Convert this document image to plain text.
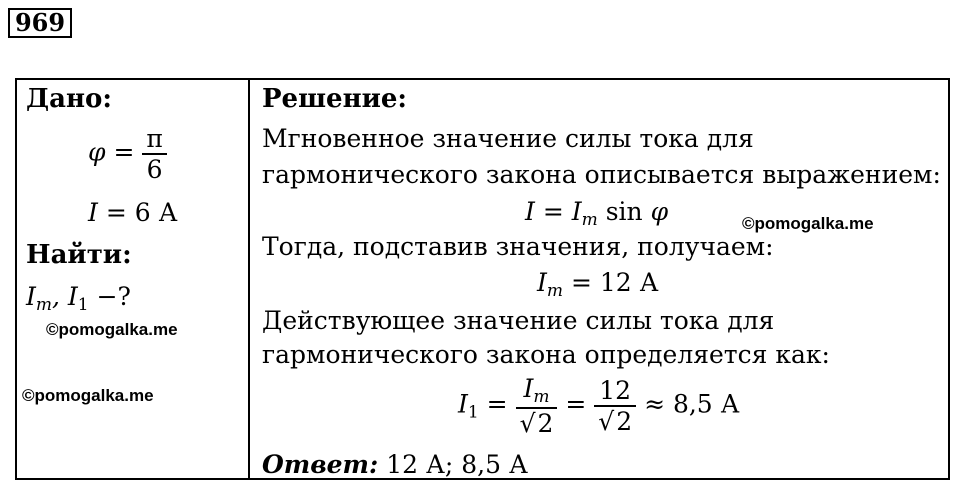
969
Дано:
$\varphi = \frac{\pi}{6}$
I = 6 А
Найти:
$I_m$, $I_1$ −?
©pomogalka.me
©pomogalka.me
Решение:
Мгновенное значение силы тока для
гармонического закона описывается выражением:
$I = I_m$ sin φ	©pomogalka.me
Тогда, подставив значения, получаем:
$I_m = 12$ А
Действующее значение силы тока для
гармонического закона определяется как:
$I_1 = \frac{I_m}{√2} = \frac{12}{√2} \approx 8,5$ А
Ответ: 12 А; 8,5 А
